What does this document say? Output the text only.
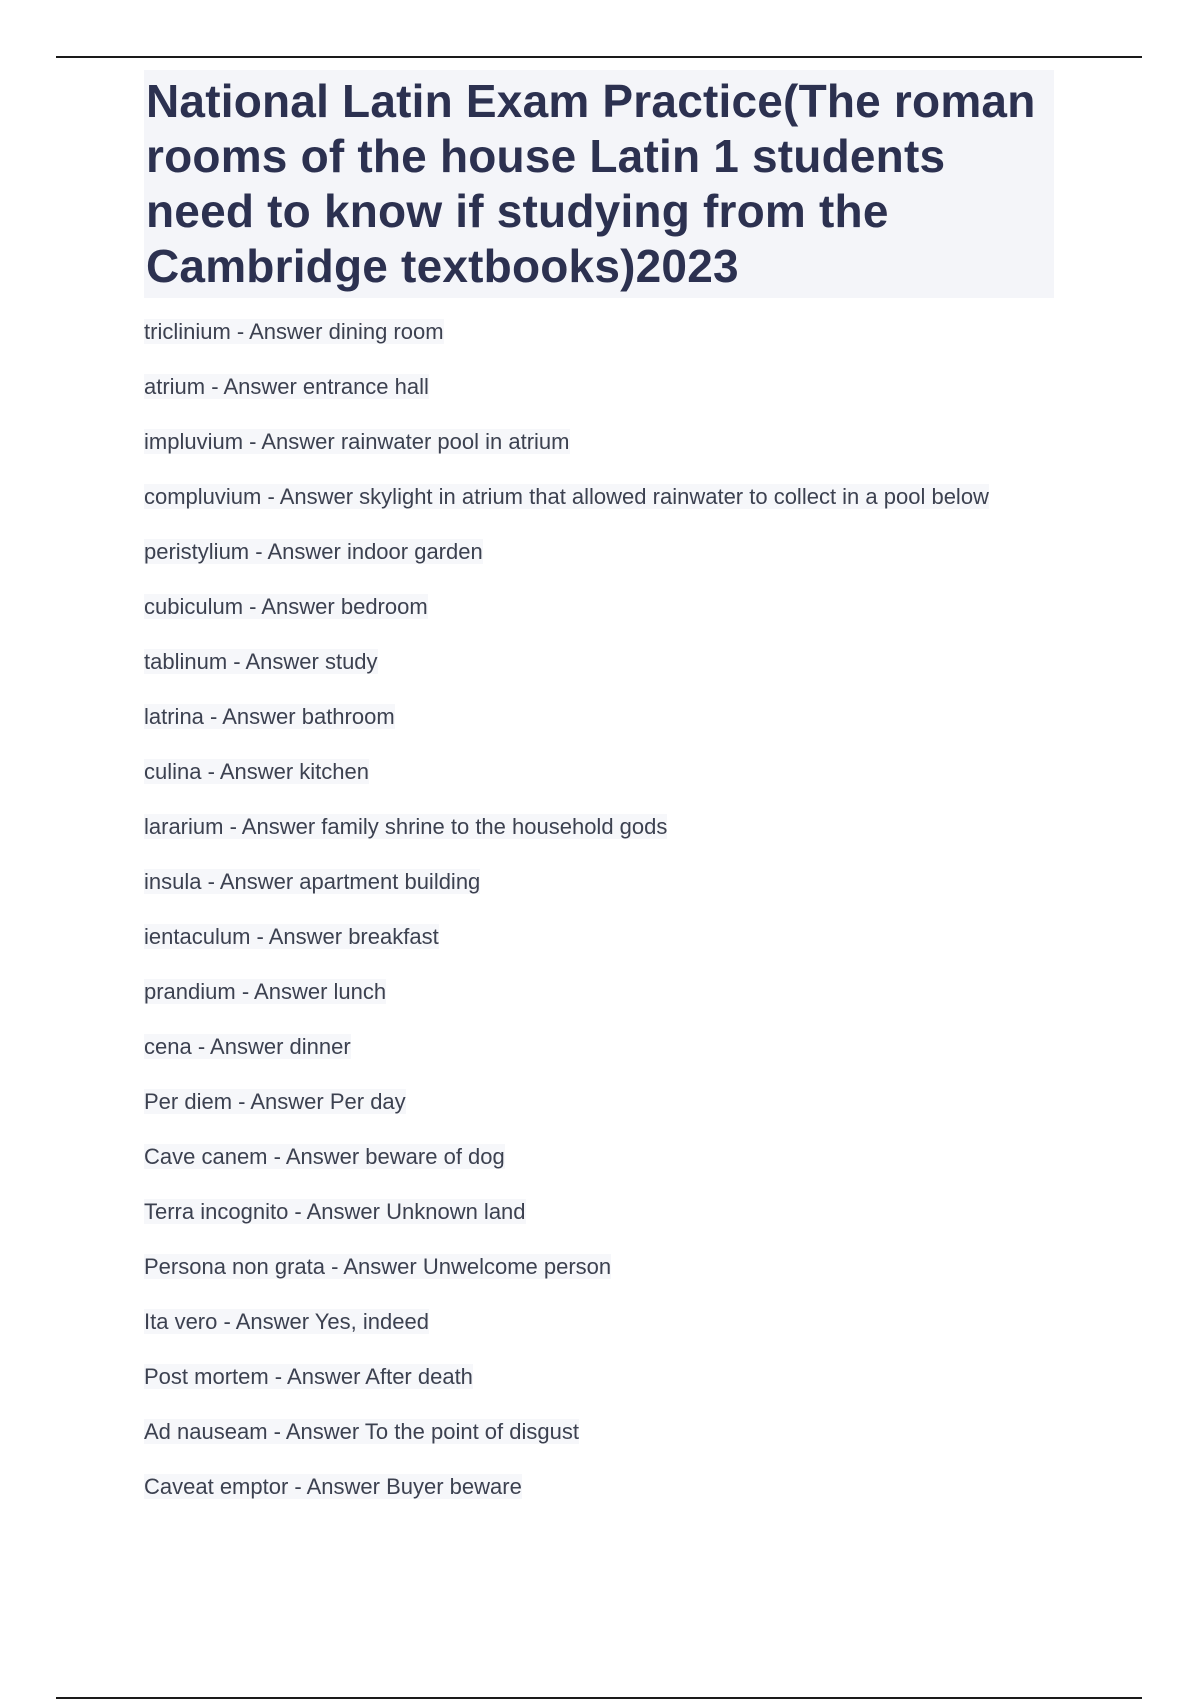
National Latin Exam Practice(The roman rooms of the house Latin 1 students need to know if studying from the Cambridge textbooks)2023
triclinium - Answer dining room
atrium - Answer entrance hall
impluvium - Answer rainwater pool in atrium
compluvium - Answer skylight in atrium that allowed rainwater to collect in a pool below
peristylium - Answer indoor garden
cubiculum - Answer bedroom
tablinum - Answer study
latrina - Answer bathroom
culina - Answer kitchen
lararium - Answer family shrine to the household gods
insula - Answer apartment building
ientaculum - Answer breakfast
prandium - Answer lunch
cena - Answer dinner
Per diem - Answer Per day
Cave canem - Answer beware of dog
Terra incognito - Answer Unknown land
Persona non grata - Answer Unwelcome person
Ita vero - Answer Yes, indeed
Post mortem - Answer After death
Ad nauseam - Answer To the point of disgust
Caveat emptor - Answer Buyer beware
